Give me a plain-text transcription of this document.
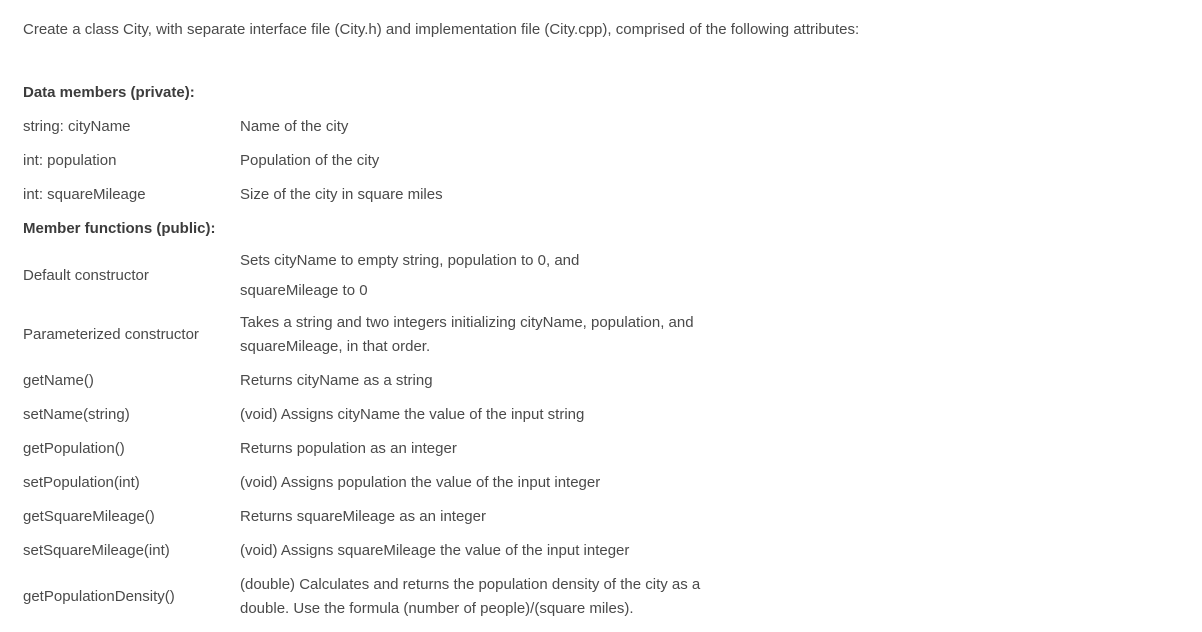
Create a class City, with separate interface file (City.h) and implementation file (City.cpp), comprised of the following attributes:
Data members (private):	
string: cityName	Name of the city
int: population	Population of the city
int: squareMileage	Size of the city in square miles
Member functions (public):	
Default constructor	Sets cityName to empty string, population to 0, and
squareMileage to 0

Parameterized constructor	Takes a string and two integers initializing cityName, population, and
squareMileage, in that order.

getName()	Returns cityName as a string
setName(string)	(void) Assigns cityName the value of the input string
getPopulation()	Returns population as an integer
setPopulation(int)	(void) Assigns population the value of the input integer
getSquareMileage()	Returns squareMileage as an integer
setSquareMileage(int)	(void) Assigns squareMileage the value of the input integer
getPopulationDensity()	(double) Calculates and returns the population density of the city as a
double. Use the formula (number of people)/(square miles).
